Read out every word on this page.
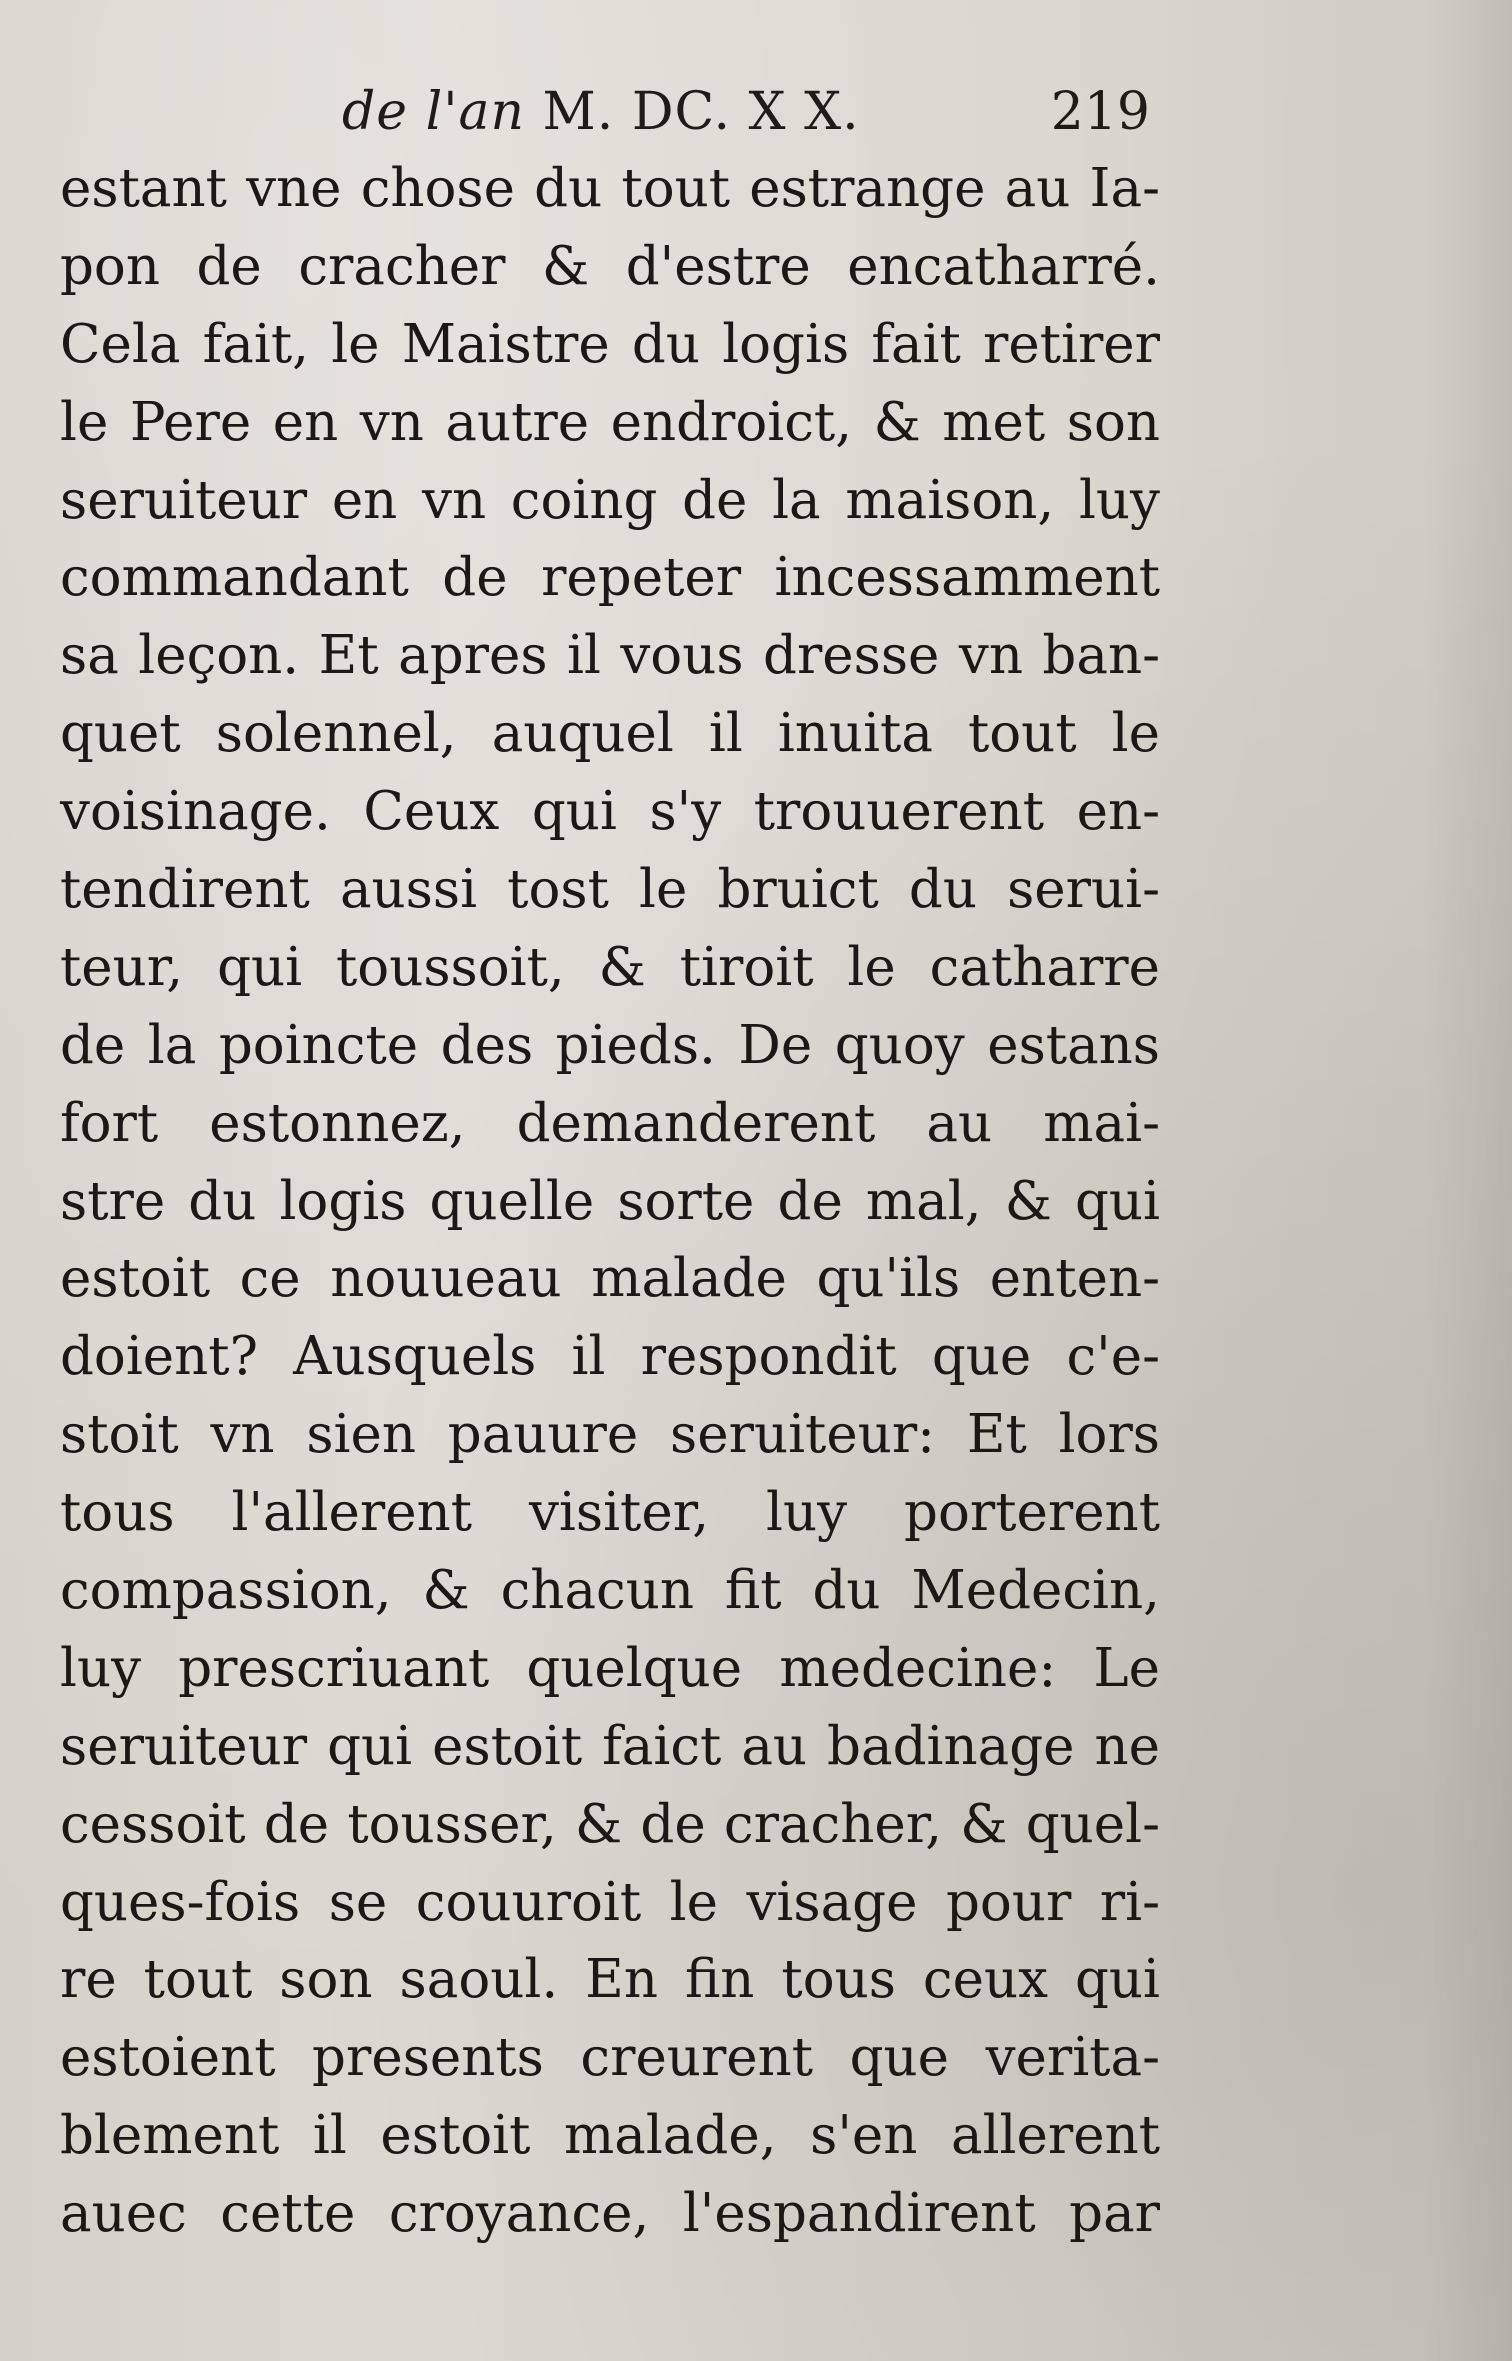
de l'an M. DC. X X.	219
estant vne chose du tout estrange au Ia-
pon de cracher & d'estre encatharré.
Cela fait, le Maistre du logis fait retirer
le Pere en vn autre endroict, & met son
seruiteur en vn coing de la maison, luy
commandant de repeter incessamment
sa leçon. Et apres il vous dresse vn ban-
quet solennel, auquel il inuita tout le
voisinage. Ceux qui s'y trouuerent en-
tendirent aussi tost le bruict du serui-
teur, qui toussoit, & tiroit le catharre
de la poincte des pieds. De quoy estans
fort estonnez, demanderent au mai-
stre du logis quelle sorte de mal, & qui
estoit ce nouueau malade qu'ils enten-
doient? Ausquels il respondit que c'e-
stoit vn sien pauure seruiteur: Et lors
tous l'allerent visiter, luy porterent
compassion, & chacun fit du Medecin,
luy prescriuant quelque medecine: Le
seruiteur qui estoit faict au badinage ne
cessoit de tousser, & de cracher, & quel-
ques-fois se couuroit le visage pour ri-
re tout son saoul. En fin tous ceux qui
estoient presents creurent que verita-
blement il estoit malade, s'en allerent
auec cette croyance, l'espandirent par
